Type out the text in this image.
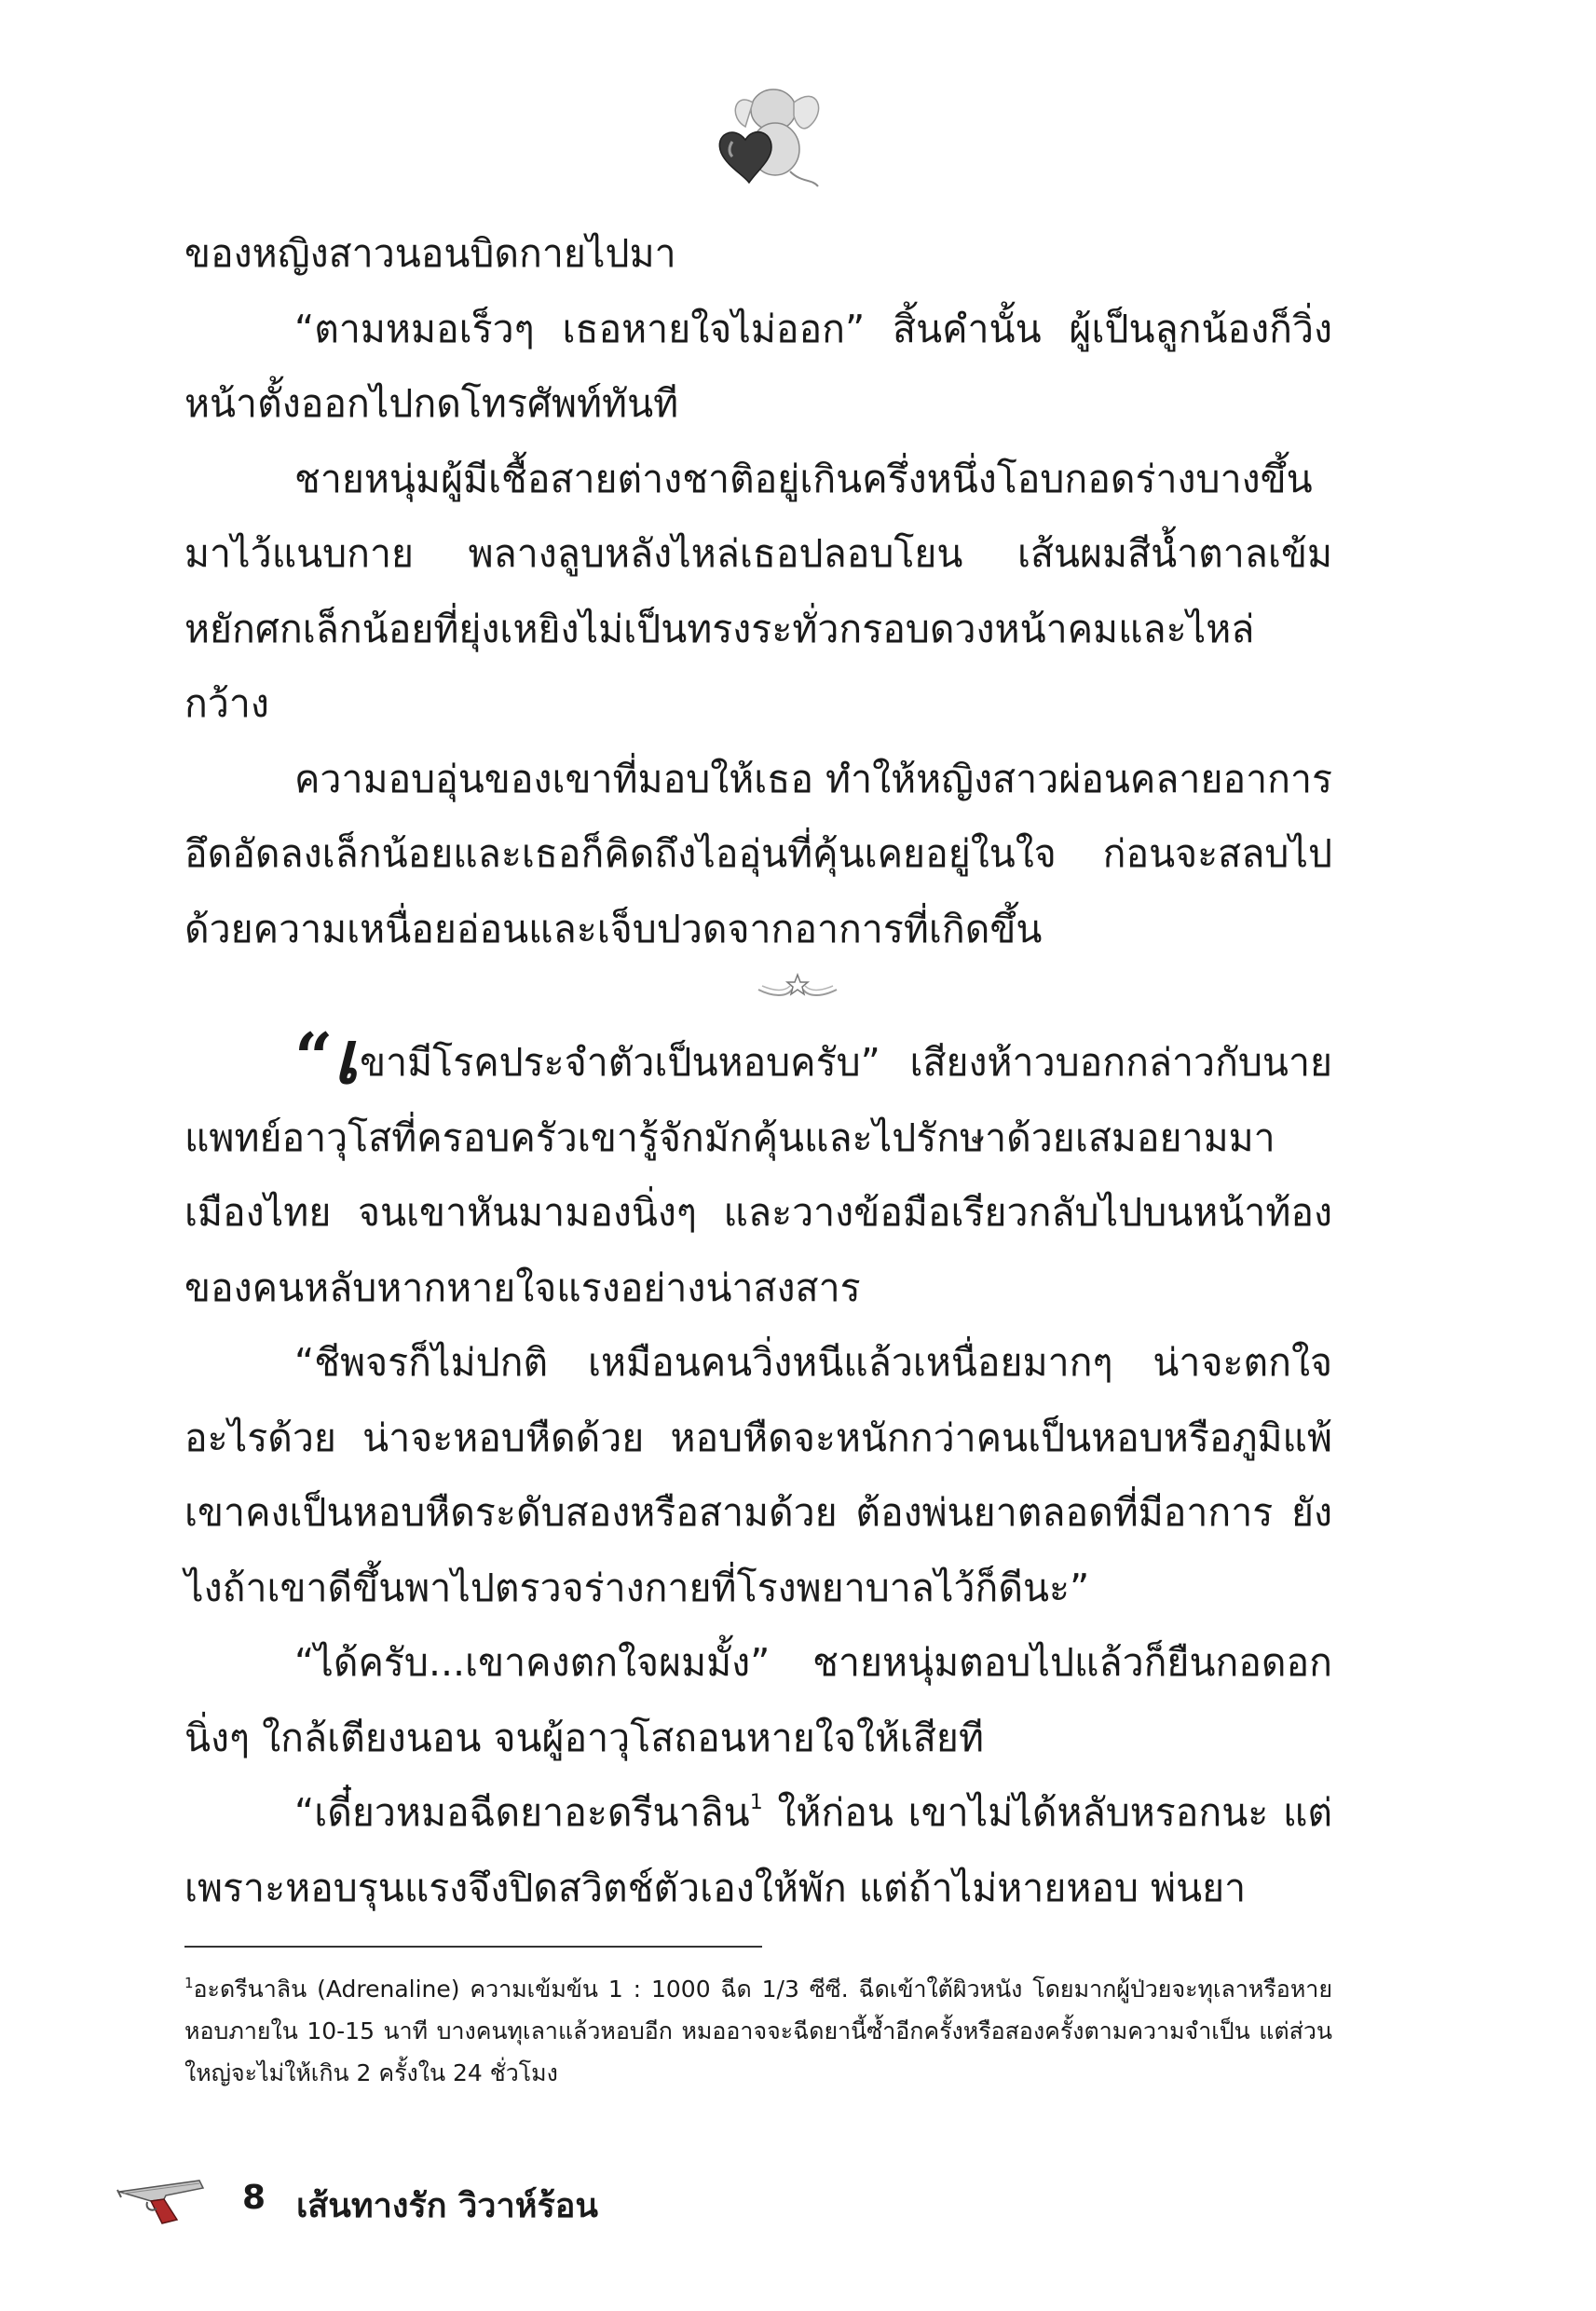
ของหญิงสาวนอนบิดกายไปมา

“ตามหมอเร็วๆ เธอหายใจไม่ออก” สิ้นคำนั้น ผู้เป็นลูกน้องก็วิ่งหน้าตั้งออกไปกดโทรศัพท์ทันที

ชายหนุ่มผู้มีเชื้อสายต่างชาติอยู่เกินครึ่งหนึ่งโอบกอดร่างบางขึ้นมาไว้แนบกาย พลางลูบหลังไหล่เธอปลอบโยน เส้นผมสีน้ำตาลเข้มหยักศกเล็กน้อยที่ยุ่งเหยิงไม่เป็นทรงระทั่วกรอบดวงหน้าคมและไหล่กว้าง

ความอบอุ่นของเขาที่มอบให้เธอ ทำให้หญิงสาวผ่อนคลายอาการอึดอัดลงเล็กน้อยและเธอก็คิดถึงไออุ่นที่คุ้นเคยอยู่ในใจ ก่อนจะสลบไปด้วยความเหนื่อยอ่อนและเจ็บปวดจากอาการที่เกิดขึ้น

“เขามีโรคประจำตัวเป็นหอบครับ” เสียงห้าวบอกกล่าวกับนายแพทย์อาวุโสที่ครอบครัวเขารู้จักมักคุ้นและไปรักษาด้วยเสมอยามมาเมืองไทย จนเขาหันมามองนิ่งๆ และวางข้อมือเรียวกลับไปบนหน้าท้องของคนหลับหากหายใจแรงอย่างน่าสงสาร

“ชีพจรก็ไม่ปกติ เหมือนคนวิ่งหนีแล้วเหนื่อยมากๆ น่าจะตกใจอะไรด้วย น่าจะหอบหืดด้วย หอบหืดจะหนักกว่าคนเป็นหอบหรือภูมิแพ้ เขาคงเป็นหอบหืดระดับสองหรือสามด้วย ต้องพ่นยาตลอดที่มีอาการ ยังไงถ้าเขาดีขึ้นพาไปตรวจร่างกายที่โรงพยาบาลไว้ก็ดีนะ”

“ได้ครับ...เขาคงตกใจผมมั้ง” ชายหนุ่มตอบไปแล้วก็ยืนกอดอกนิ่งๆ ใกล้เตียงนอน จนผู้อาวุโสถอนหายใจให้เสียที

“เดี๋ยวหมอฉีดยาอะดรีนาลิน$^1$ ให้ก่อน เขาไม่ได้หลับหรอกนะ แต่เพราะหอบรุนแรงจึงปิดสวิตช์ตัวเองให้พัก แต่ถ้าไม่หายหอบ พ่นยา

$^1$อะดรีนาลิน (Adrenaline) ความเข้มข้น 1 : 1000 ฉีด 1/3 ซีซี. ฉีดเข้าใต้ผิวหนัง โดยมากผู้ป่วยจะทุเลาหรือหายหอบภายใน 10-15 นาที บางคนทุเลาแล้วหอบอีก หมออาจจะฉีดยานี้ซ้ำอีกครั้งหรือสองครั้งตามความจำเป็น แต่ส่วนใหญ่จะไม่ให้เกิน 2 ครั้งใน 24 ชั่วโมง

8 เส้นทางรัก วิวาห์ร้อน
